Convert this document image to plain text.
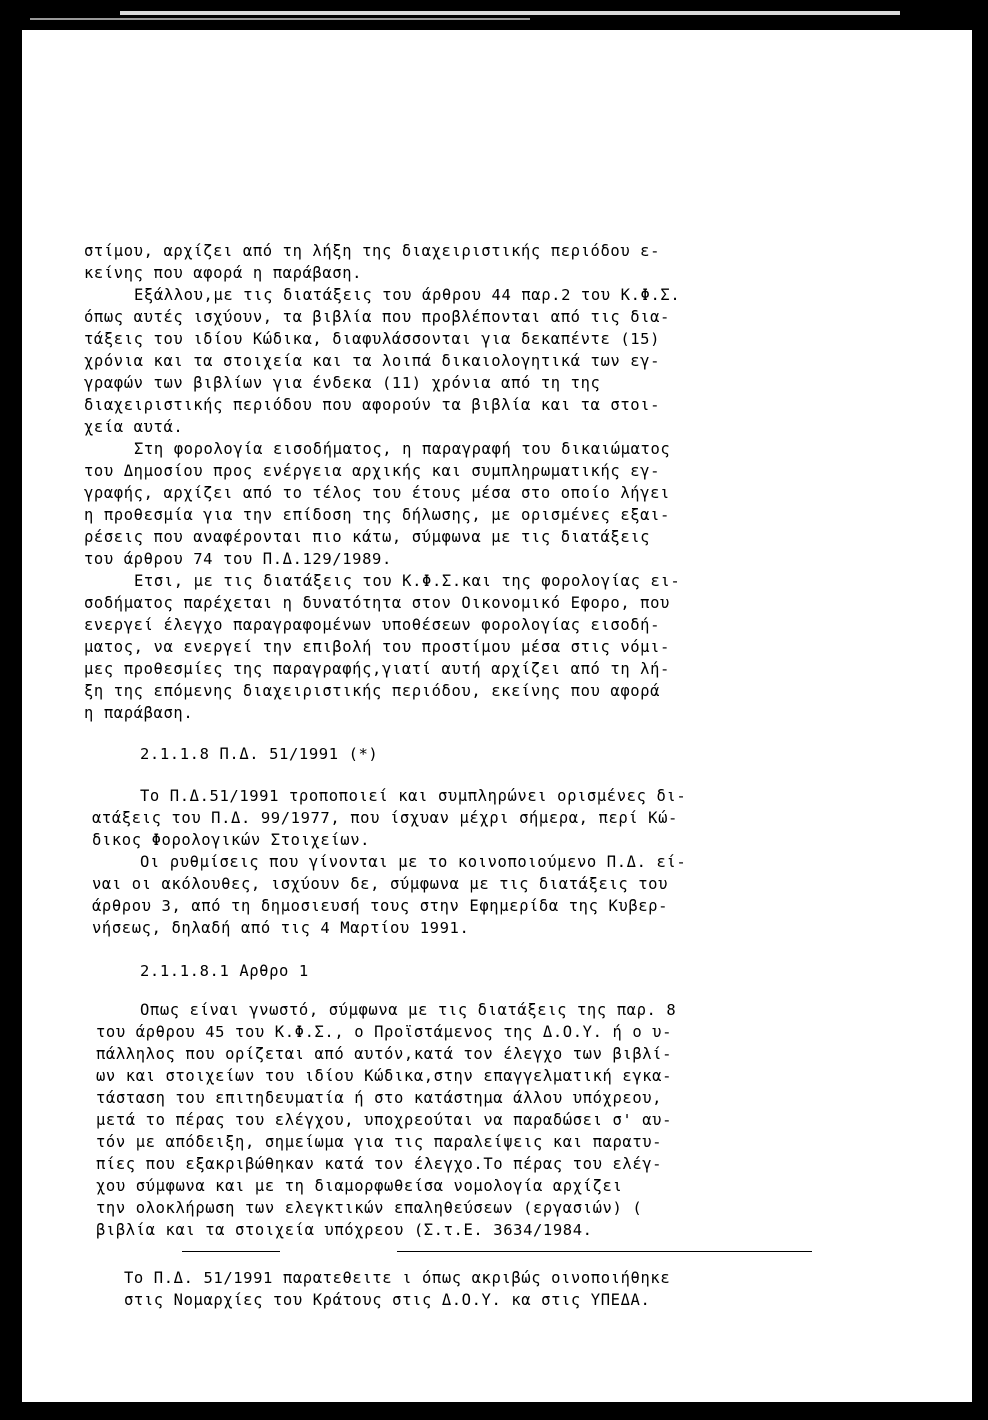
στίμου, αρχίζει από τη λήξη της διαχειριστικής περιόδου ε-
κείνης που αφορά η παράβαση.
Εξάλλου,με τις διατάξεις του άρθρου 44 παρ.2 του Κ.Φ.Σ.
όπως αυτές ισχύουν, τα βιβλία που προβλέπονται από τις δια-
τάξεις του ιδίου Κώδικα, διαφυλάσσονται για δεκαπέντε (15)
χρόνια και τα στοιχεία και τα λοιπά δικαιολογητικά των εγ-
γραφών των βιβλίων για ένδεκα (11) χρόνια από τη της
διαχειριστικής περιόδου που αφορούν τα βιβλία και τα στοι-
χεία αυτά.
Στη φορολογία εισοδήματος, η παραγραφή του δικαιώματος
του Δημοσίου προς ενέργεια αρχικής και συμπληρωματικής εγ-
γραφής, αρχίζει από το τέλος του έτους μέσα στο οποίο λήγει
η προθεσμία για την επίδοση της δήλωσης, με ορισμένες εξαι-
ρέσεις που αναφέρονται πιο κάτω, σύμφωνα με τις διατάξεις
του άρθρου 74 του Π.Δ.129/1989.
Ετσι, με τις διατάξεις του Κ.Φ.Σ.και της φορολογίας ει-
σοδήματος παρέχεται η δυνατότητα στον Οικονομικό Εφορο, που
ενεργεί έλεγχο παραγραφομένων υποθέσεων φορολογίας εισοδή-
ματος, να ενεργεί την επιβολή του προστίμου μέσα στις νόμι-
μες προθεσμίες της παραγραφής,γιατί αυτή αρχίζει από τη λή-
ξη της επόμενης διαχειριστικής περιόδου, εκείνης που αφορά
η παράβαση.
2.1.1.8 Π.Δ. 51/1991 (*)
Το Π.Δ.51/1991 τροποποιεί και συμπληρώνει ορισμένες δι-
ατάξεις του Π.Δ. 99/1977, που ίσχυαν μέχρι σήμερα, περί Κώ-
δικος Φορολογικών Στοιχείων.
Οι ρυθμίσεις που γίνονται με το κοινοποιούμενο Π.Δ. εί-
ναι οι ακόλουθες, ισχύουν δε, σύμφωνα με τις διατάξεις του
άρθρου 3, από τη δημοσιευσή τους στην Εφημερίδα της Κυβερ-
νήσεως, δηλαδή από τις 4 Μαρτίου 1991.
2.1.1.8.1 Αρθρο 1
Οπως είναι γνωστό, σύμφωνα με τις διατάξεις της παρ. 8
του άρθρου 45 του Κ.Φ.Σ., ο Προϊστάμενος της Δ.Ο.Υ. ή ο υ-
πάλληλος που ορίζεται από αυτόν,κατά τον έλεγχο των βιβλί-
ων και στοιχείων του ιδίου Κώδικα,στην επαγγελματική εγκα-
τάσταση του επιτηδευματία ή στο κατάστημα άλλου υπόχρεου,
μετά το πέρας του ελέγχου, υποχρεούται να παραδώσει σ' αυ-
τόν με απόδειξη, σημείωμα για τις παραλείψεις και παρατυ-
πίες που εξακριβώθηκαν κατά τον έλεγχο.Το πέρας του ελέγ-
χου σύμφωνα και με τη διαμορφωθείσα νομολογία αρχίζει
την ολοκλήρωση των ελεγκτικών επαληθεύσεων (εργασιών) (
βιβλία και τα στοιχεία υπόχρεου (Σ.τ.Ε. 3634/1984.
Το Π.Δ. 51/1991 παρατεθειτε ι όπως ακριβώς οινοποιήθηκε
στις Νομαρχίες του Κράτους στις Δ.Ο.Υ. κα στις ΥΠΕΔΑ.
